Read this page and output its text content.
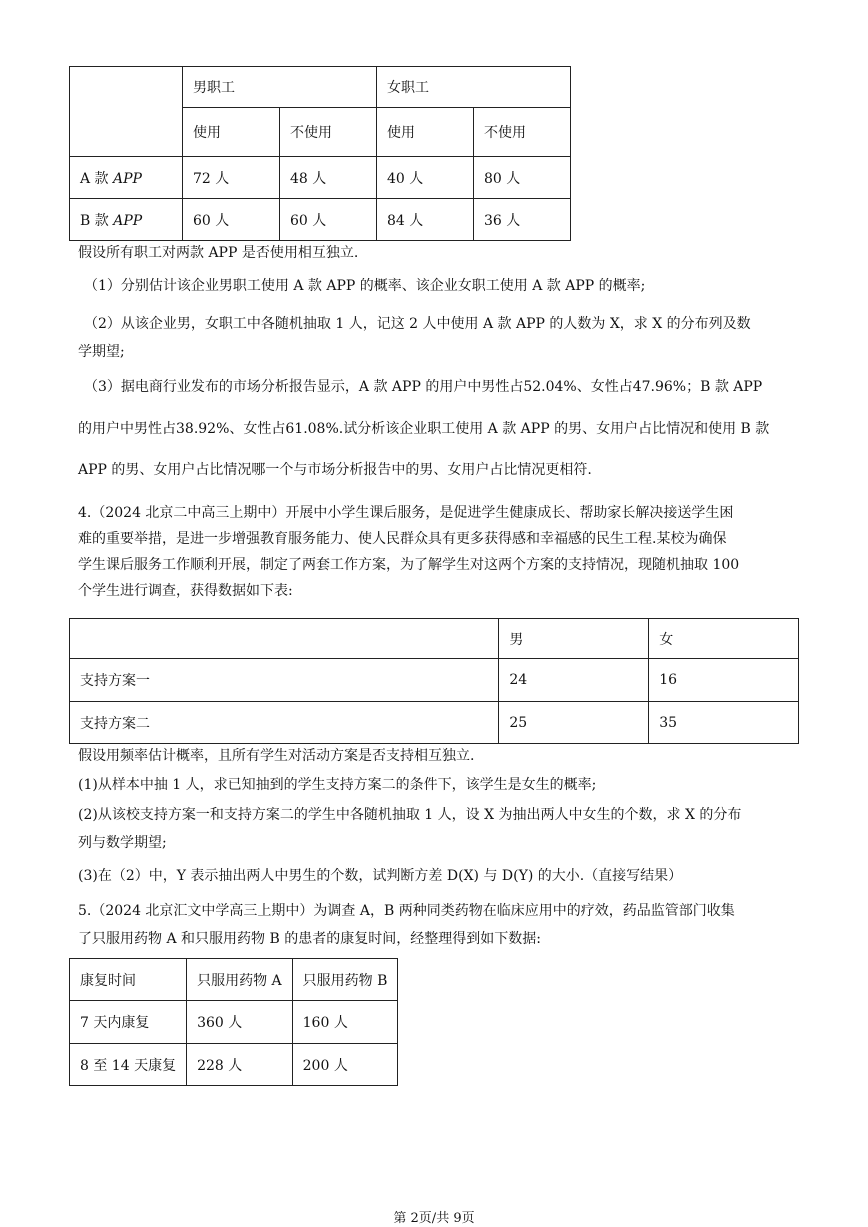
	男职工		女职工	
	使用	不使用	使用	不使用
A 款 APP	72 人	48 人	40 人	80 人
B 款 APP	60 人	60 人	84 人	36 人
假设所有职工对两款 APP 是否使用相互独立.
（1）分别估计该企业男职工使用 A 款 APP 的概率、该企业女职工使用 A 款 APP 的概率;
（2）从该企业男，女职工中各随机抽取 1 人，记这 2 人中使用 A 款 APP 的人数为 X，求 X 的分布列及数
学期望;
（3）据电商行业发布的市场分析报告显示，A 款 APP 的用户中男性占52.04%、女性占47.96%；B 款 APP
的用户中男性占38.92%、女性占61.08%.试分析该企业职工使用 A 款 APP 的男、女用户占比情况和使用 B 款
APP 的男、女用户占比情况哪一个与市场分析报告中的男、女用户占比情况更相符.
4.（2024 北京二中高三上期中）开展中小学生课后服务，是促进学生健康成长、帮助家长解决接送学生困
难的重要举措，是进一步增强教育服务能力、使人民群众具有更多获得感和幸福感的民生工程.某校为确保
学生课后服务工作顺利开展，制定了两套工作方案，为了解学生对这两个方案的支持情况，现随机抽取 100
个学生进行调查，获得数据如下表:
	男	女
支持方案一	24	16
支持方案二	25	35
假设用频率估计概率，且所有学生对活动方案是否支持相互独立.
(1)从样本中抽 1 人，求已知抽到的学生支持方案二的条件下，该学生是女生的概率;
(2)从该校支持方案一和支持方案二的学生中各随机抽取 1 人，设 X 为抽出两人中女生的个数，求 X 的分布
列与数学期望;
(3)在（2）中，Y 表示抽出两人中男生的个数，试判断方差 D(X) 与 D(Y) 的大小.（直接写结果）
5.（2024 北京汇文中学高三上期中）为调查 A，B 两种同类药物在临床应用中的疗效，药品监管部门收集
了只服用药物 A 和只服用药物 B 的患者的康复时间，经整理得到如下数据:
康复时间	只服用药物 A	只服用药物 B
7 天内康复	360 人	160 人
8 至 14 天康复	228 人	200 人
第 2页/共 9页
